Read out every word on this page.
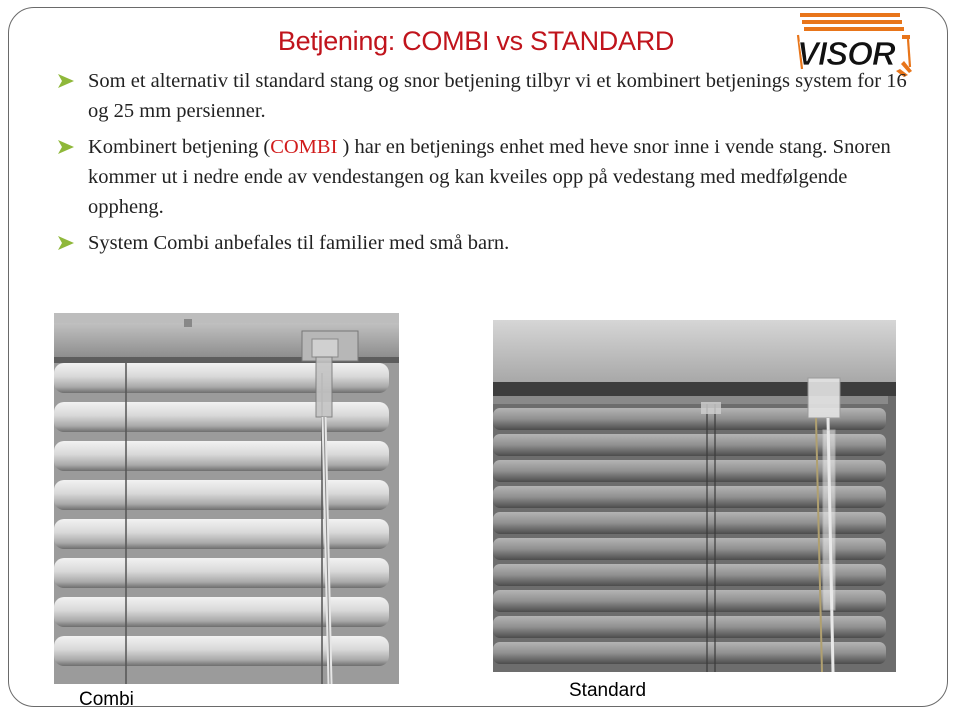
Betjening: COMBI vs STANDARD	VISOR
Som et alternativ til standard stang og snor betjening tilbyr vi et kombinert betjenings system for 16 og 25 mm persienner.
Kombinert betjening (COMBI ) har en betjenings enhet med heve snor inne i vende stang. Snoren kommer ut i nedre ende av vendestangen og kan kveiles opp på vedestang med medfølgende oppheng.
System Combi anbefales til familier med små barn.
Combi	Standard
